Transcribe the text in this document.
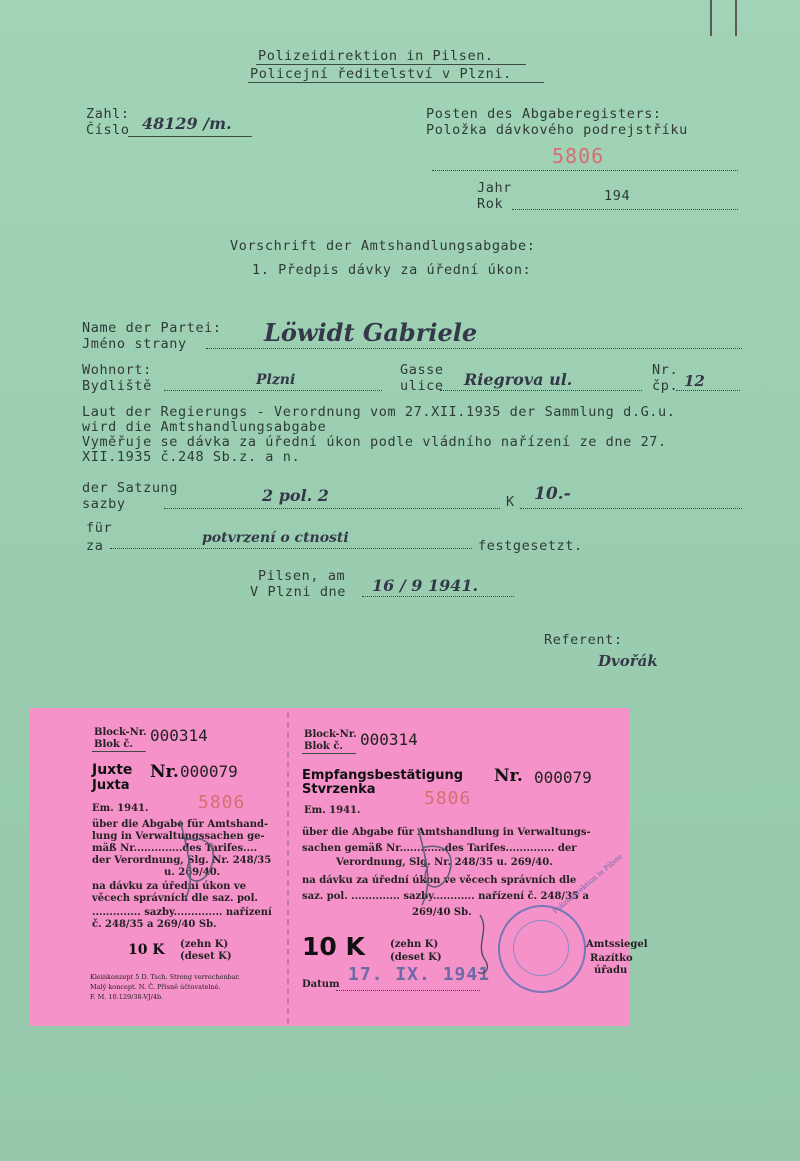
Polizeidirektion in Pilsen.
Policejní ředitelství v Plzni.
Zahl:
Číslo 48129 /m.	Posten des Abgaberegisters:
Položka dávkového podrejstříku
5806
Jahr
Rok	194
Vorschrift der Amtshandlungsabgabe:
1. Předpis dávky za úřední úkon:
Name der Partei:
Jméno strany	Löwidt Gabriele
Wohnort:
Bydliště	Plzni
Gasse
ulice Riegrova ul.	Nr.
čp. 12
Laut der Regierungs - Verordnung vom 27.XII.1935 der Sammlung d.G.u.
wird die Amtshandlungsabgabe
Vyměřuje se dávka za úřední úkon podle vládního nařízení ze dne 27.
XII.1935 č.248 Sb.z. a n.
der Satzung
sazby	2 pol. 2	K 10.-
für
za	potvrzení o ctnosti	festgesetzt.
Pilsen, am
V Plzni dne 16 / 9 1941.
Referent:
Dvořák
Block-Nr.
Blok č. 000314
Juxte
Juxta
Nr. 000079
Em. 1941.	5806
über die Abgabe für Amtshand-
lung in Verwaltungssachen ge-
mäß Nr..............des Tarifes....
der Verordnung, Slg. Nr. 248/35
u. 269/40.
na dávku za úřední úkon ve
věcech správních dle saz. pol.
.............. sazby.............. nařízení
č. 248/35 a 269/40 Sb.
10 K (zehn K)
(deset K)
Kleinkonzept 5 D. Tsch. Streng verrechenbar.
Malý koncept. N. Č. Přísně účtovatelné.
F. M. 10.129/38-VJ/4b.
Block-Nr.
Blok č. 000314
Empfangsbestätigung
Stvrzenka
Nr. 000079
Em. 1941.
5806
über die Abgabe für Amtshandlung in Verwaltungs-
sachen gemäß Nr.............des Tarifes.............. der
Verordnung, Slg. Nr. 248/35 u. 269/40.
na dávku za úřední úkon ve věcech správních dle
saz. pol. .............. sazby............ nařízení č. 248/35 a
269/40 Sb.
10 K	(zehn K)
(deset K)
Datum 17. IX. 1941
Polizeidirektion in Pilsen
Amtssiegel
Razítko
úřadu
